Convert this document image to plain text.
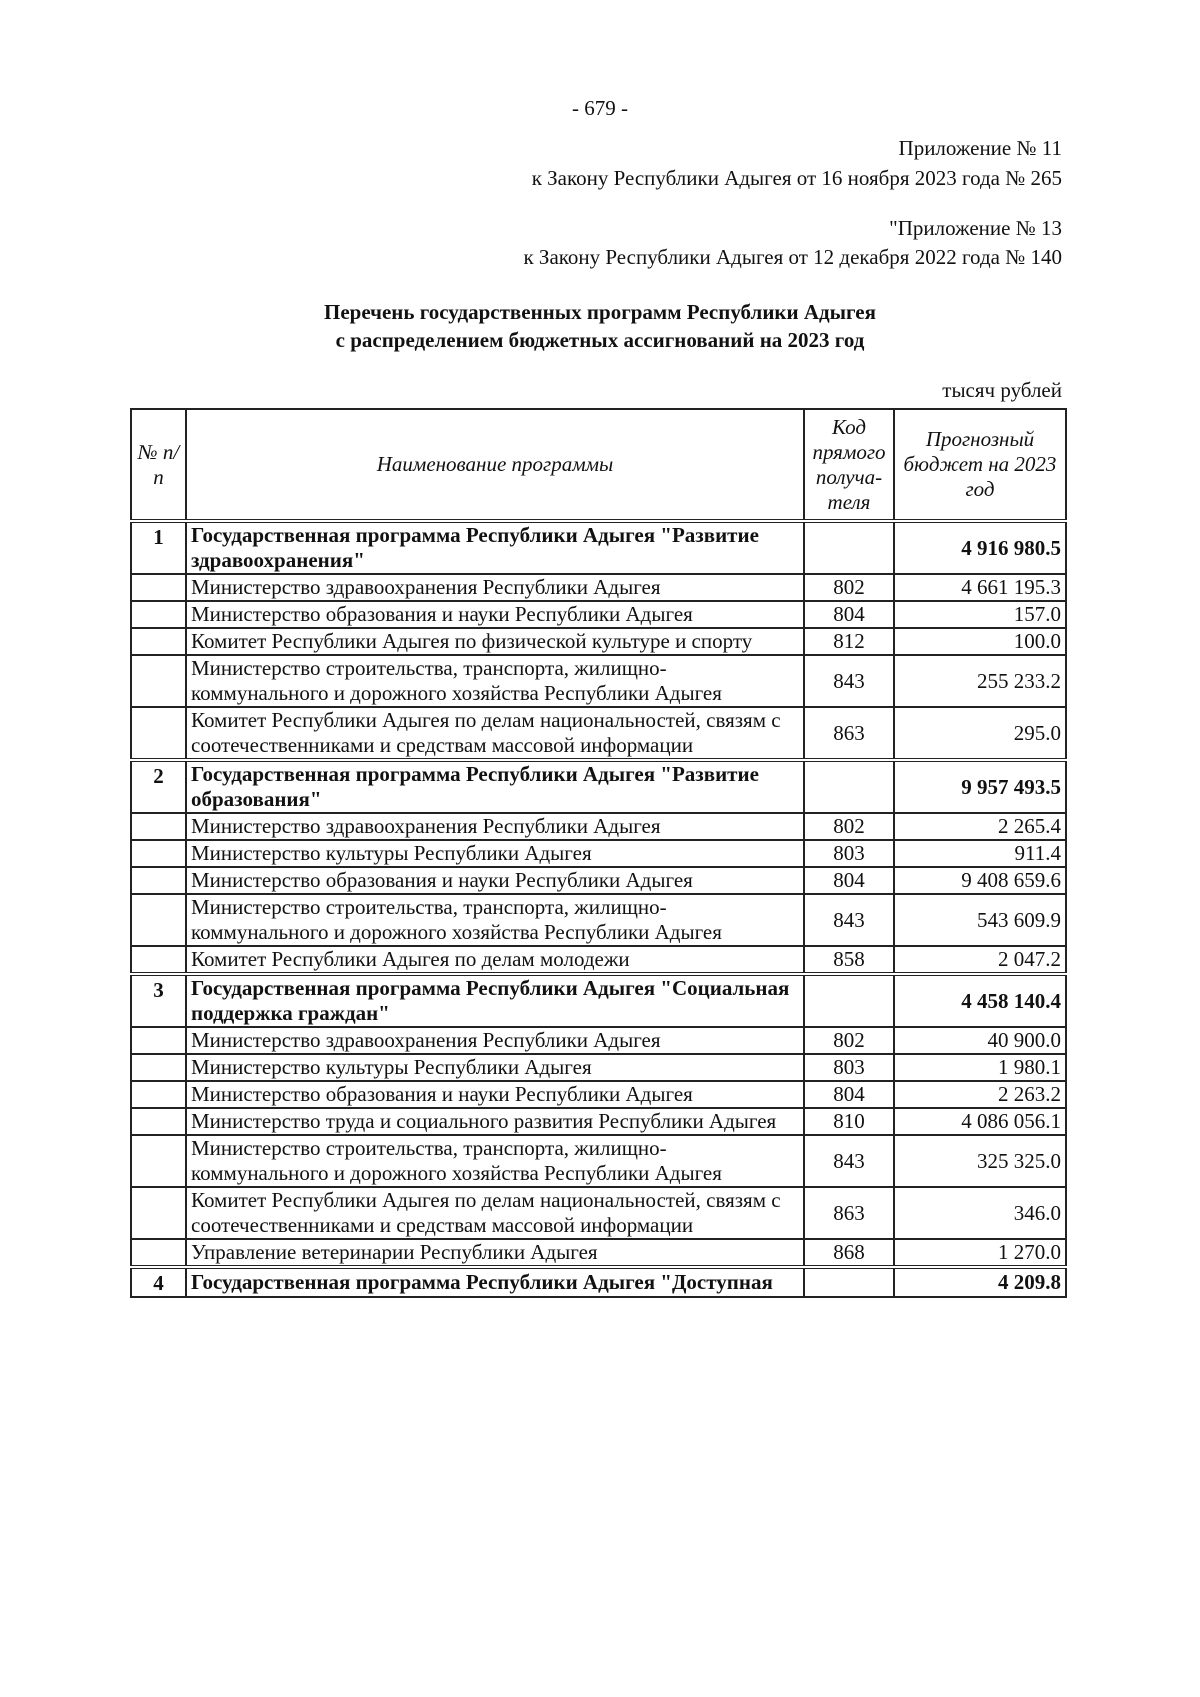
- 679 -
Приложение № 11
к Закону Республики Адыгея от 16 ноября 2023 года № 265
"Приложение № 13
к Закону Республики Адыгея от 12 декабря 2022 года № 140
Перечень государственных программ Республики Адыгея
с распределением бюджетных ассигнований на 2023 год
тысяч рублей
№ п/п	Наименование программы	Код прямого получа-теля	Прогнозный бюджет на 2023 год
1	Государственная программа Республики Адыгея "Развитие здравоохранения"		4 916 980.5
	Министерство здравоохранения Республики Адыгея	802	4 661 195.3
	Министерство образования и науки Республики Адыгея	804	157.0
	Комитет Республики Адыгея по физической культуре и спорту	812	100.0
	Министерство строительства, транспорта, жилищно-коммунального и дорожного хозяйства Республики Адыгея	843	255 233.2
	Комитет Республики Адыгея по делам национальностей, связям с соотечественниками и средствам массовой информации	863	295.0
2	Государственная программа Республики Адыгея "Развитие образования"		9 957 493.5
	Министерство здравоохранения Республики Адыгея	802	2 265.4
	Министерство культуры Республики Адыгея	803	911.4
	Министерство образования и науки Республики Адыгея	804	9 408 659.6
	Министерство строительства, транспорта, жилищно-коммунального и дорожного хозяйства Республики Адыгея	843	543 609.9
	Комитет Республики Адыгея по делам молодежи	858	2 047.2
3	Государственная программа Республики Адыгея "Социальная поддержка граждан"		4 458 140.4
	Министерство здравоохранения Республики Адыгея	802	40 900.0
	Министерство культуры Республики Адыгея	803	1 980.1
	Министерство образования и науки Республики Адыгея	804	2 263.2
	Министерство труда и социального развития Республики Адыгея	810	4 086 056.1
	Министерство строительства, транспорта, жилищно-коммунального и дорожного хозяйства Республики Адыгея	843	325 325.0
	Комитет Республики Адыгея по делам национальностей, связям с соотечественниками и средствам массовой информации	863	346.0
	Управление ветеринарии Республики Адыгея	868	1 270.0
4	Государственная программа Республики Адыгея "Доступная		4 209.8
